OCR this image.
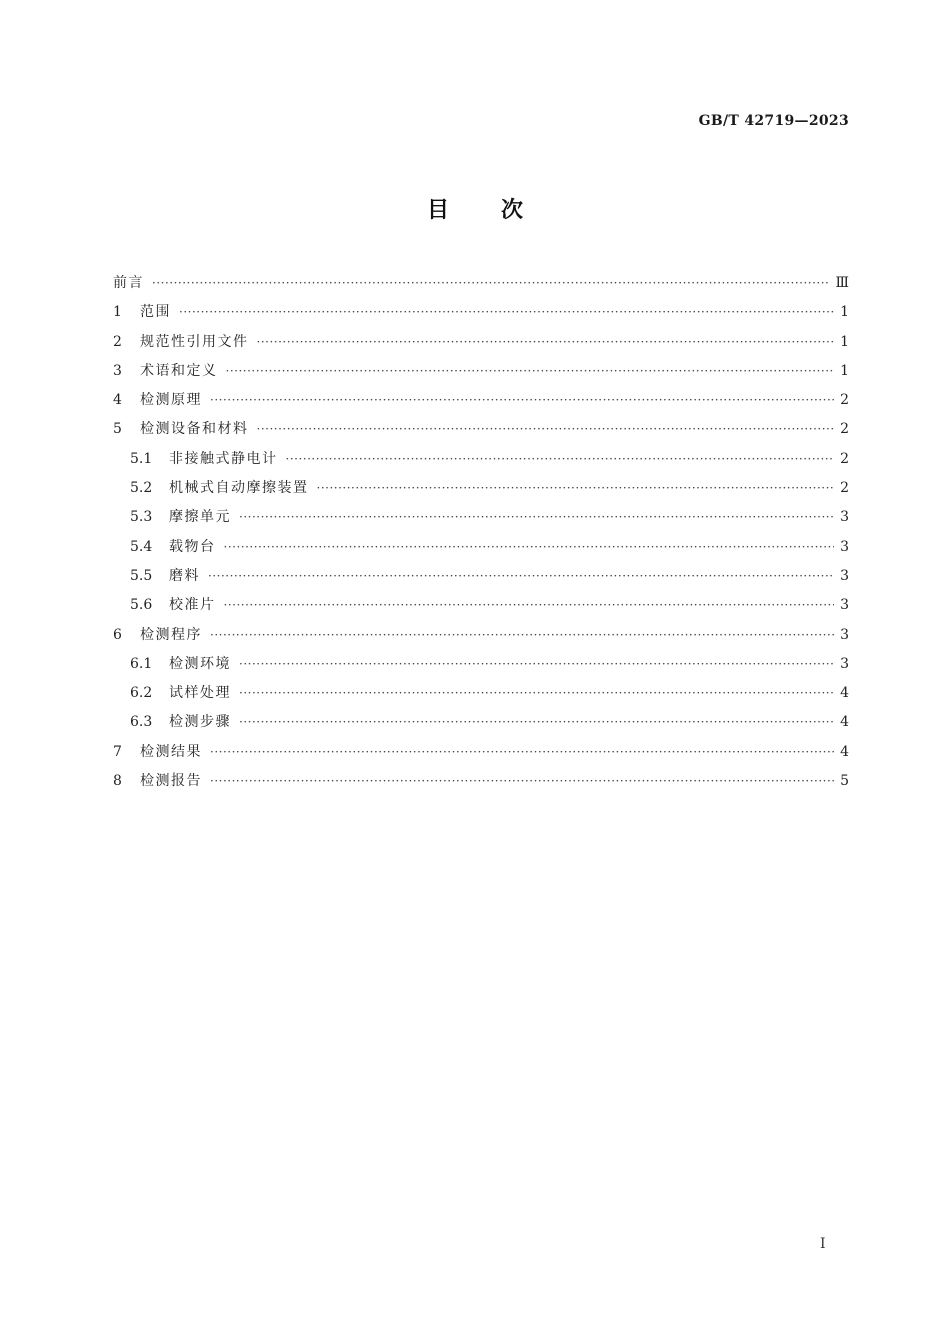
GB/T 42719—2023
目次
前言 ·····	Ⅲ
1	范围 ·····	1
2	规范性引用文件 ·····	1
3	术语和定义 ·····	1
4	检测原理 ·····	2
5	检测设备和材料 ·····	2
5.1	非接触式静电计 ·····	2
5.2	机械式自动摩擦装置 ·····	2
5.3	摩擦单元 ·····	3
5.4	载物台 ·····	3
5.5	磨料 ·····	3
5.6	校准片 ·····	3
6	检测程序 ·····	3
6.1	检测环境 ·····	3
6.2	试样处理 ·····	4
6.3	检测步骤 ·····	4
7	检测结果 ·····	4
8	检测报告 ·····	5
I
